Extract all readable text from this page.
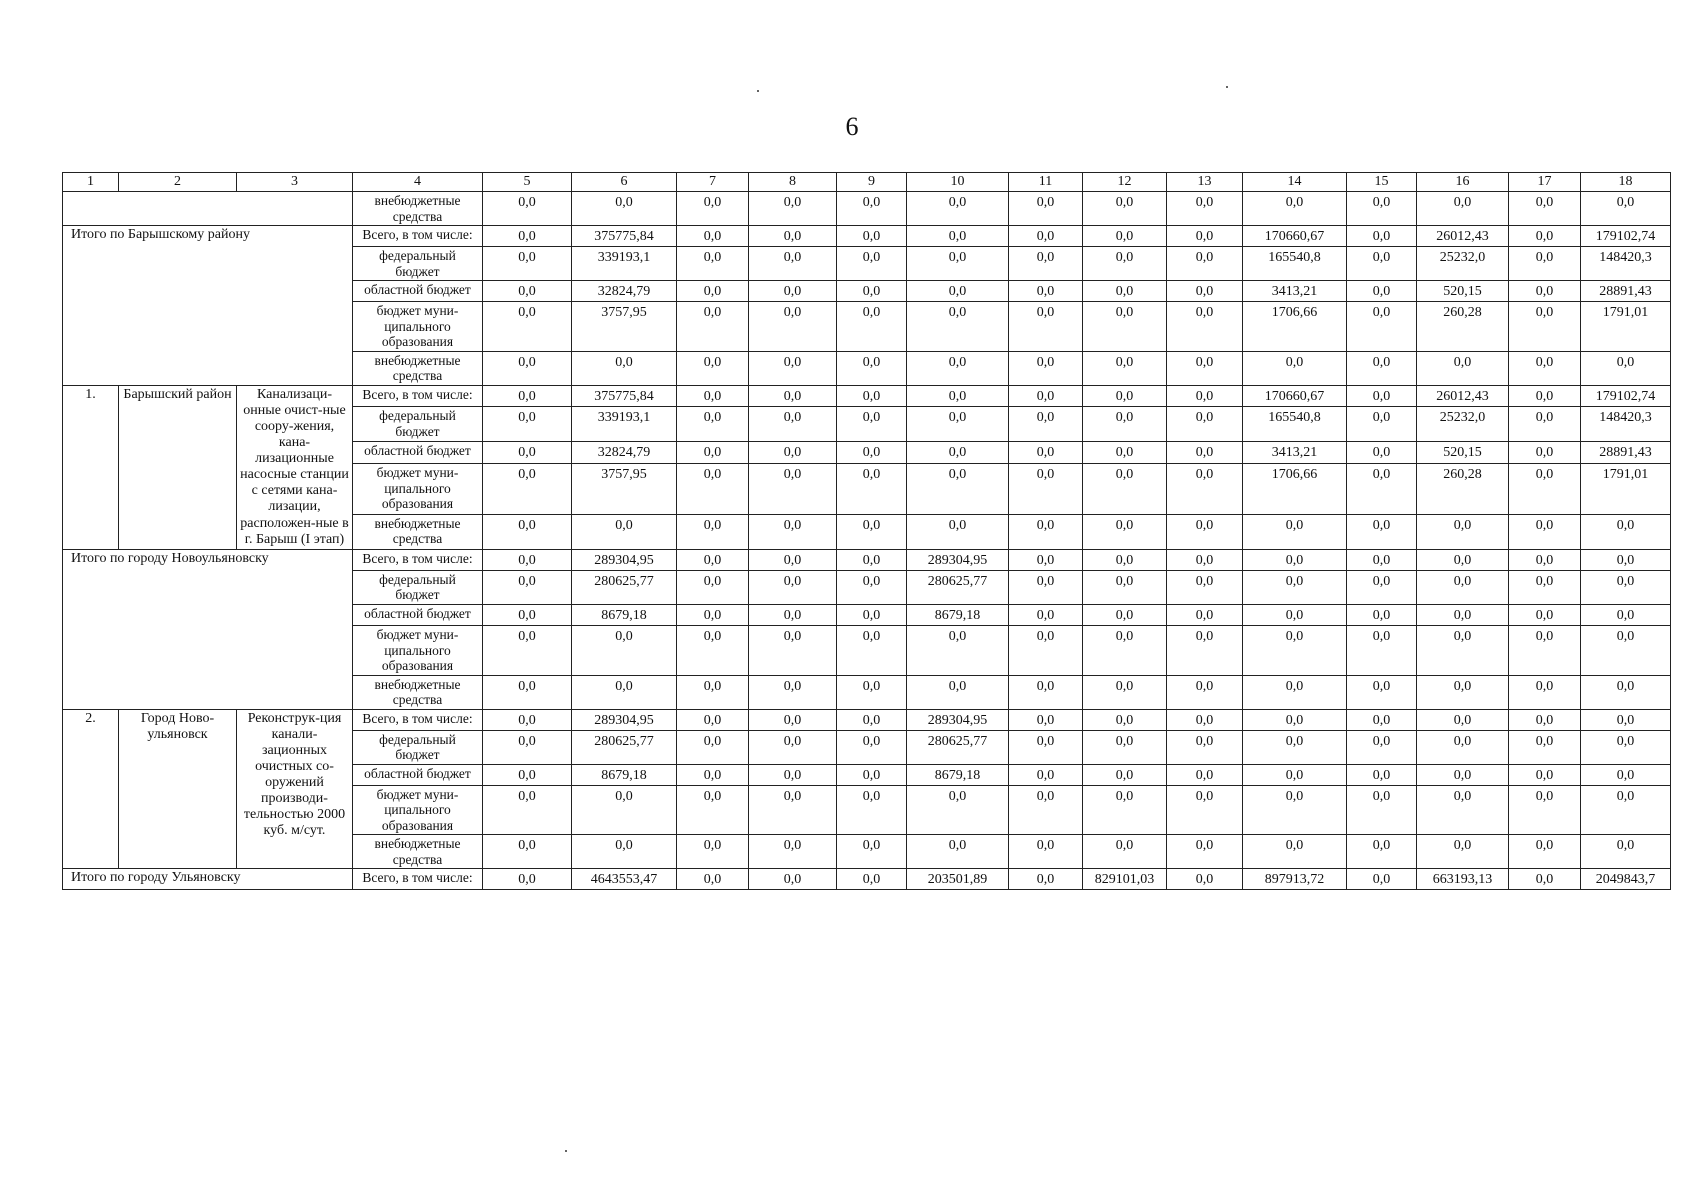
6
1	2	3	4	5	6	7	8	9	10	11	12	13	14	15	16	17	18
			внебюджетные средства	0,0	0,0	0,0	0,0	0,0	0,0	0,0	0,0	0,0	0,0	0,0	0,0	0,0	0,0
Итого по Барышскому району			Всего, в том числе:	0,0	375775,84	0,0	0,0	0,0	0,0	0,0	0,0	0,0	170660,67	0,0	26012,43	0,0	179102,74
			федеральный бюджет	0,0	339193,1	0,0	0,0	0,0	0,0	0,0	0,0	0,0	165540,8	0,0	25232,0	0,0	148420,3
			областной бюджет	0,0	32824,79	0,0	0,0	0,0	0,0	0,0	0,0	0,0	3413,21	0,0	520,15	0,0	28891,43
			бюджет муни-ципального образования	0,0	3757,95	0,0	0,0	0,0	0,0	0,0	0,0	0,0	1706,66	0,0	260,28	0,0	1791,01
			внебюджетные средства	0,0	0,0	0,0	0,0	0,0	0,0	0,0	0,0	0,0	0,0	0,0	0,0	0,0	0,0
1.	Барышский район	Канализаци-онные очист-ные соору-жения, кана-лизационные насосные станции с сетями кана-лизации, расположен-ные в г. Барыш (I этап)	Всего, в том числе:	0,0	375775,84	0,0	0,0	0,0	0,0	0,0	0,0	0,0	170660,67	0,0	26012,43	0,0	179102,74
			федеральный бюджет	0,0	339193,1	0,0	0,0	0,0	0,0	0,0	0,0	0,0	165540,8	0,0	25232,0	0,0	148420,3
			областной бюджет	0,0	32824,79	0,0	0,0	0,0	0,0	0,0	0,0	0,0	3413,21	0,0	520,15	0,0	28891,43
			бюджет муни-ципального образования	0,0	3757,95	0,0	0,0	0,0	0,0	0,0	0,0	0,0	1706,66	0,0	260,28	0,0	1791,01
			внебюджетные средства	0,0	0,0	0,0	0,0	0,0	0,0	0,0	0,0	0,0	0,0	0,0	0,0	0,0	0,0
Итого по городу Новоульяновску			Всего, в том числе:	0,0	289304,95	0,0	0,0	0,0	289304,95	0,0	0,0	0,0	0,0	0,0	0,0	0,0	0,0
			федеральный бюджет	0,0	280625,77	0,0	0,0	0,0	280625,77	0,0	0,0	0,0	0,0	0,0	0,0	0,0	0,0
			областной бюджет	0,0	8679,18	0,0	0,0	0,0	8679,18	0,0	0,0	0,0	0,0	0,0	0,0	0,0	0,0
			бюджет муни-ципального образования	0,0	0,0	0,0	0,0	0,0	0,0	0,0	0,0	0,0	0,0	0,0	0,0	0,0	0,0
			внебюджетные средства	0,0	0,0	0,0	0,0	0,0	0,0	0,0	0,0	0,0	0,0	0,0	0,0	0,0	0,0
2.	Город Ново-ульяновск	Реконструк-ция канали-зационных очистных со-оружений производи-тельностью 2000 куб. м/сут.	Всего, в том числе:	0,0	289304,95	0,0	0,0	0,0	289304,95	0,0	0,0	0,0	0,0	0,0	0,0	0,0	0,0
			федеральный бюджет	0,0	280625,77	0,0	0,0	0,0	280625,77	0,0	0,0	0,0	0,0	0,0	0,0	0,0	0,0
			областной бюджет	0,0	8679,18	0,0	0,0	0,0	8679,18	0,0	0,0	0,0	0,0	0,0	0,0	0,0	0,0
			бюджет муни-ципального образования	0,0	0,0	0,0	0,0	0,0	0,0	0,0	0,0	0,0	0,0	0,0	0,0	0,0	0,0
			внебюджетные средства	0,0	0,0	0,0	0,0	0,0	0,0	0,0	0,0	0,0	0,0	0,0	0,0	0,0	0,0
Итого по городу Ульяновску			Всего, в том числе:	0,0	4643553,47	0,0	0,0	0,0	203501,89	0,0	829101,03	0,0	897913,72	0,0	663193,13	0,0	2049843,7
